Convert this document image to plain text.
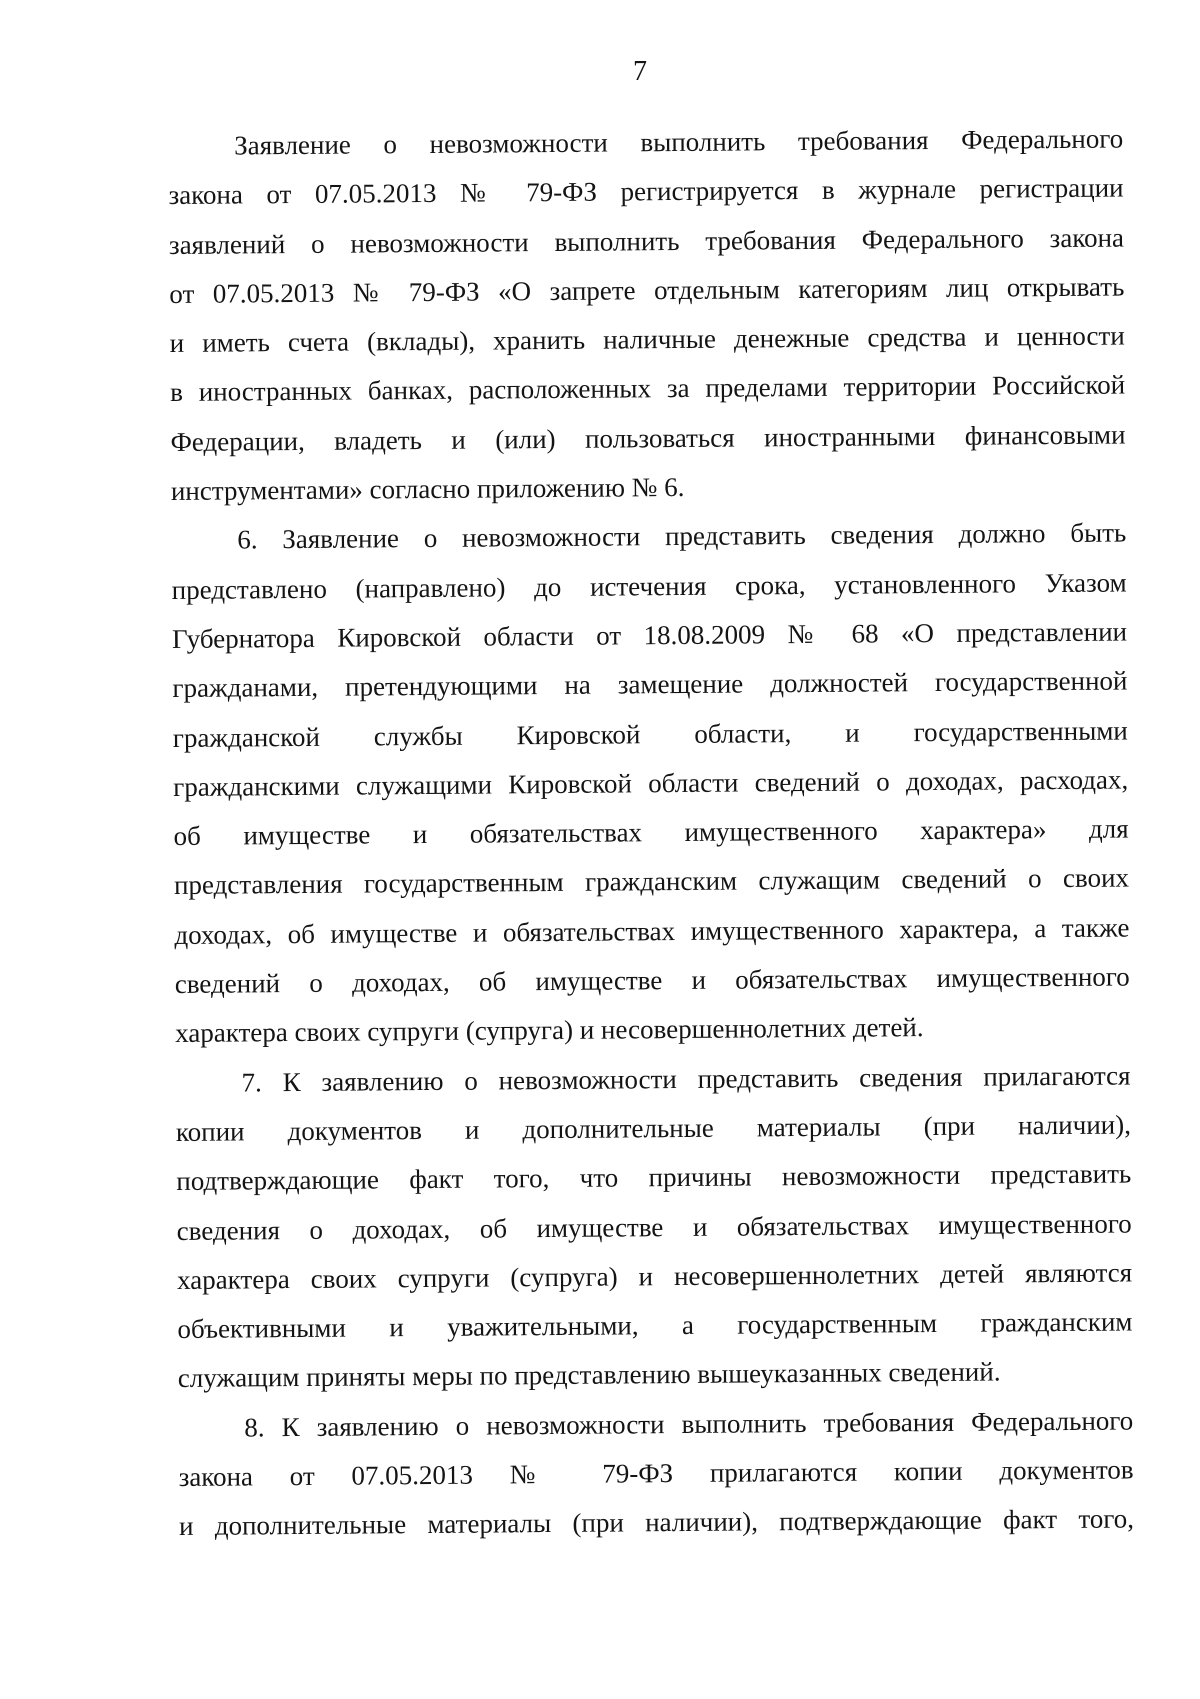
7
Заявление о невозможности выполнить требования Федерального
закона от 07.05.2013 № 79-ФЗ регистрируется в журнале регистрации
заявлений о невозможности выполнить требования Федерального закона
от 07.05.2013 № 79-ФЗ «О запрете отдельным категориям лиц открывать
и иметь счета (вклады), хранить наличные денежные средства и ценности
в иностранных банках, расположенных за пределами территории Российской
Федерации, владеть и (или) пользоваться иностранными финансовыми
инструментами» согласно приложению № 6.
6. Заявление о невозможности представить сведения должно быть
представлено (направлено) до истечения срока, установленного Указом
Губернатора Кировской области от 18.08.2009 № 68 «О представлении
гражданами, претендующими на замещение должностей государственной
гражданской службы Кировской области, и государственными
гражданскими служащими Кировской области сведений о доходах, расходах,
об имуществе и обязательствах имущественного характера» для
представления государственным гражданским служащим сведений о своих
доходах, об имуществе и обязательствах имущественного характера, а также
сведений о доходах, об имуществе и обязательствах имущественного
характера своих супруги (супруга) и несовершеннолетних детей.
7. К заявлению о невозможности представить сведения прилагаются
копии документов и дополнительные материалы (при наличии),
подтверждающие факт того, что причины невозможности представить
сведения о доходах, об имуществе и обязательствах имущественного
характера своих супруги (супруга) и несовершеннолетних детей являются
объективными и уважительными, а государственным гражданским
служащим приняты меры по представлению вышеуказанных сведений.
8. К заявлению о невозможности выполнить требования Федерального
закона от 07.05.2013 № 79-ФЗ прилагаются копии документов
и дополнительные материалы (при наличии), подтверждающие факт того,
